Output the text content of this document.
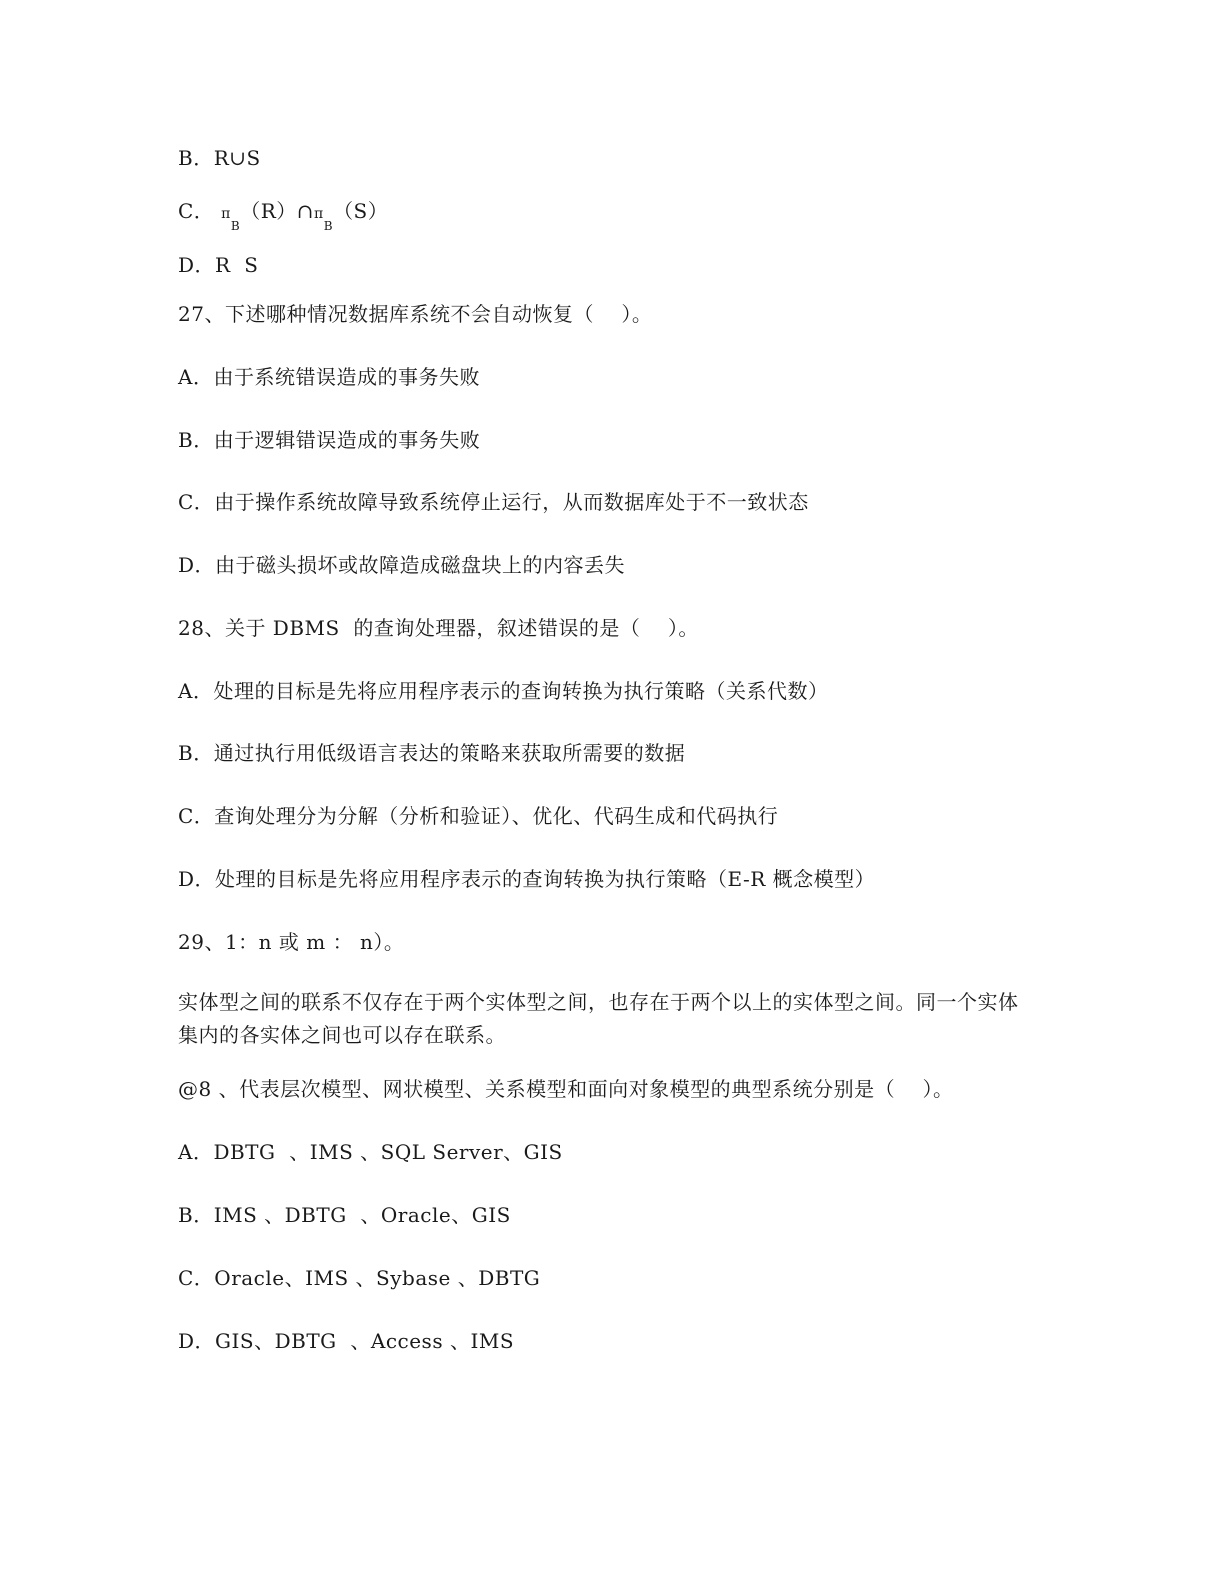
B．R∪S
C． $\pi_B(R)\cap\pi_B(S)$
D．R  S
27、下述哪种情况数据库系统不会自动恢复（    ）。
A．由于系统错误造成的事务失败
B．由于逻辑错误造成的事务失败
C．由于操作系统故障导致系统停止运行，从而数据库处于不一致状态
D．由于磁头损坏或故障造成磁盘块上的内容丢失
28、关于 DBMS  的查询处理器，叙述错误的是（    ）。
A．处理的目标是先将应用程序表示的查询转换为执行策略（关系代数）
B．通过执行用低级语言表达的策略来获取所需要的数据
C．查询处理分为分解（分析和验证）、优化、代码生成和代码执行
D．处理的目标是先将应用程序表示的查询转换为执行策略（E-R 概念模型）
29、1：n 或 m ： n）。
实体型之间的联系不仅存在于两个实体型之间，也存在于两个以上的实体型之间。同一个实体集内的各实体之间也可以存在联系。
@8 、代表层次模型、网状模型、关系模型和面向对象模型的典型系统分别是（    ）。
A．DBTG  、IMS 、SQL Server、GIS
B．IMS 、DBTG  、Oracle、GIS
C．Oracle、IMS 、Sybase 、DBTG
D．GIS、DBTG  、Access 、IMS
